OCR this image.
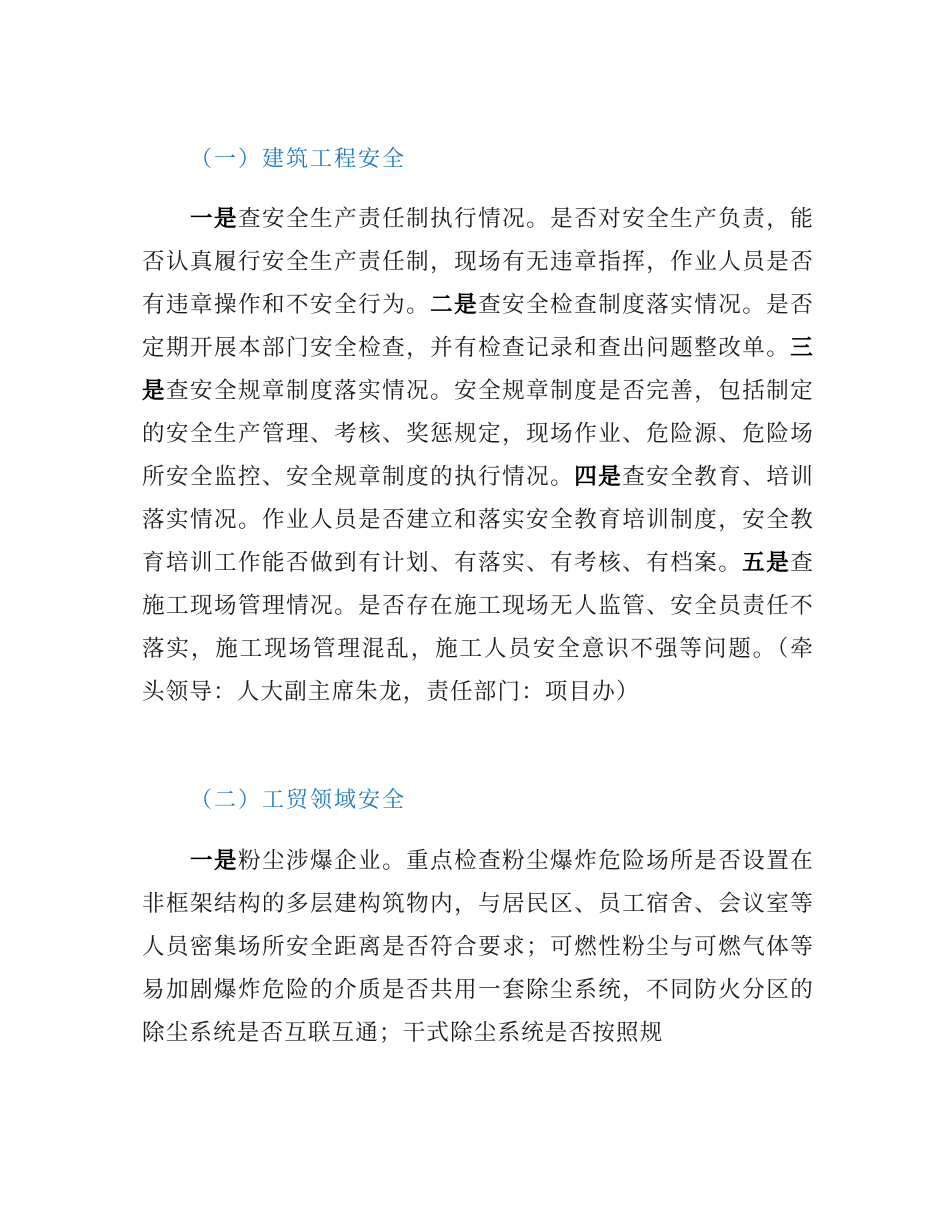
（一）建筑工程安全

一是查安全生产责任制执行情况。是否对安全生产负责，能否认真履行安全生产责任制，现场有无违章指挥，作业人员是否有违章操作和不安全行为。二是查安全检查制度落实情况。是否定期开展本部门安全检查，并有检查记录和查出问题整改单。三是查安全规章制度落实情况。安全规章制度是否完善，包括制定的安全生产管理、考核、奖惩规定，现场作业、危险源、危险场所安全监控、安全规章制度的执行情况。四是查安全教育、培训落实情况。作业人员是否建立和落实安全教育培训制度，安全教育培训工作能否做到有计划、有落实、有考核、有档案。五是查施工现场管理情况。是否存在施工现场无人监管、安全员责任不落实，施工现场管理混乱，施工人员安全意识不强等问题。（牵头领导：人大副主席朱龙，责任部门：项目办）

（二）工贸领域安全

一是粉尘涉爆企业。重点检查粉尘爆炸危险场所是否设置在非框架结构的多层建构筑物内，与居民区、员工宿舍、会议室等人员密集场所安全距离是否符合要求；可燃性粉尘与可燃气体等易加剧爆炸危险的介质是否共用一套除尘系统，不同防火分区的除尘系统是否互联互通；干式除尘系统是否按照规
